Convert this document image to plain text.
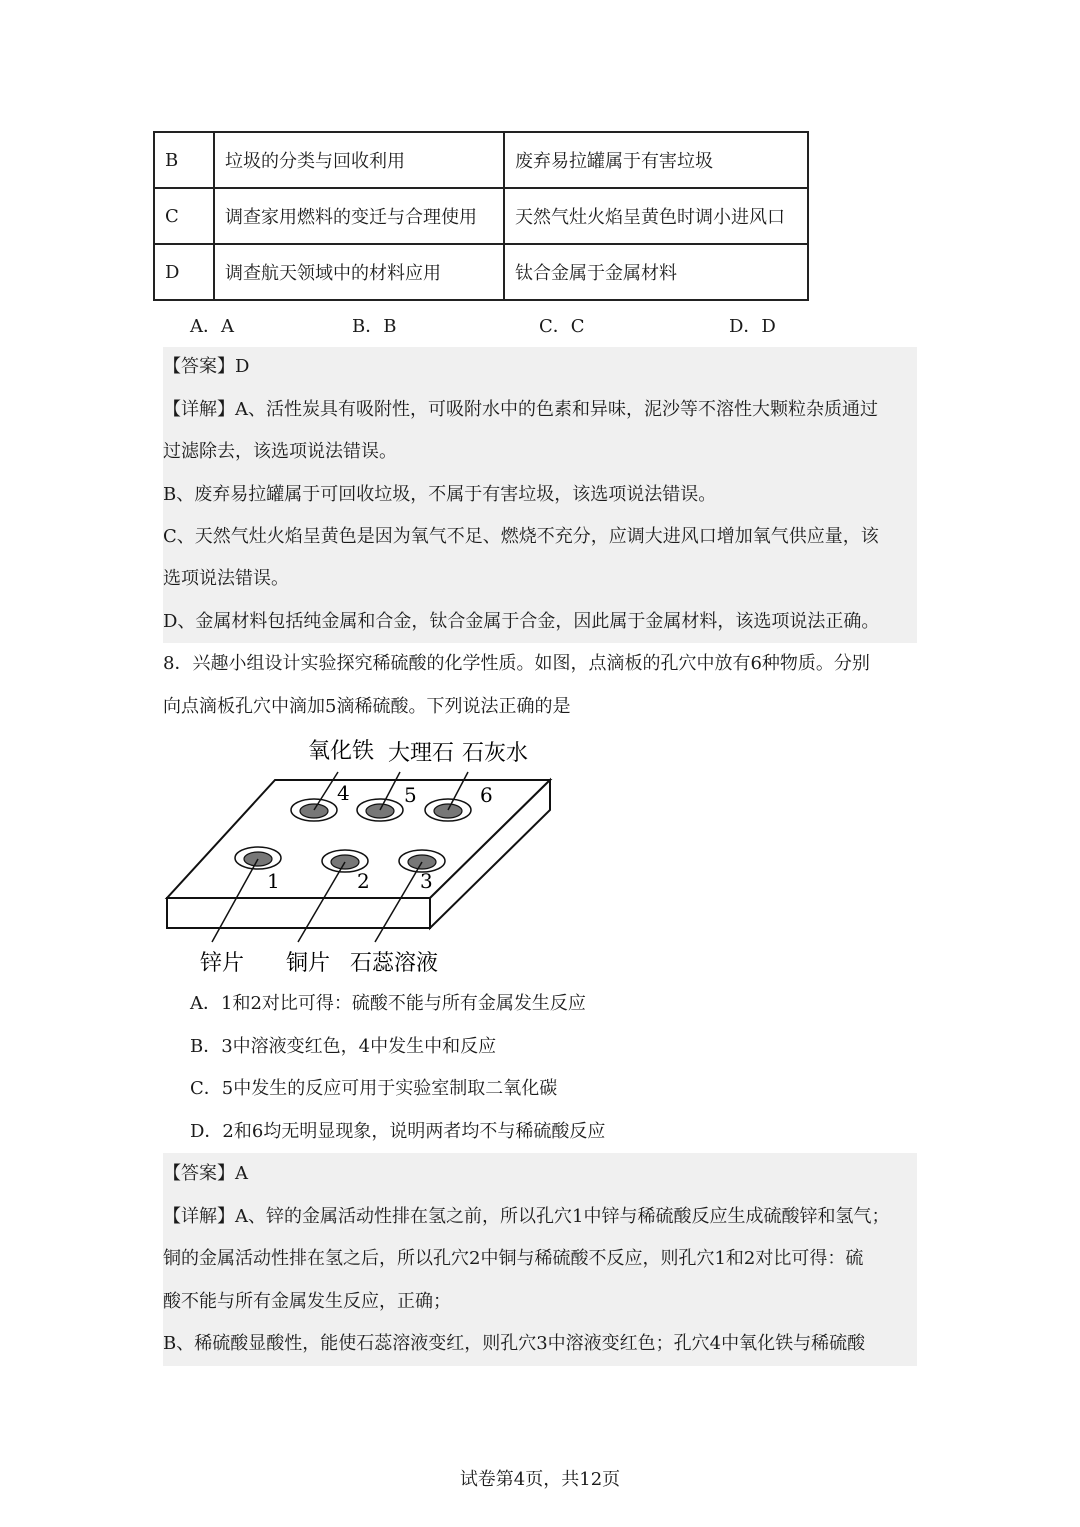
B	垃圾的分类与回收利用	废弃易拉罐属于有害垃圾
C	调查家用燃料的变迁与合理使用	天然气灶火焰呈黄色时调小进风口
D	调查航天领域中的材料应用	钛合金属于金属材料
A．A	B．B	C．C	D．D
【答案】D
【详解】A、活性炭具有吸附性，可吸附水中的色素和异味，泥沙等不溶性大颗粒杂质通过
过滤除去，该选项说法错误。
B、废弃易拉罐属于可回收垃圾，不属于有害垃圾，该选项说法错误。
C、天然气灶火焰呈黄色是因为氧气不足、燃烧不充分，应调大进风口增加氧气供应量，该
选项说法错误。
D、金属材料包括纯金属和合金，钛合金属于合金，因此属于金属材料，该选项说法正确。
8．兴趣小组设计实验探究稀硫酸的化学性质。如图，点滴板的孔穴中放有6种物质。分别
向点滴板孔穴中滴加5滴稀硫酸。下列说法正确的是
氧化铁 大理石 石灰水
1	2	3
4	5	6
锌片 铜片 石蕊溶液
A．1和2对比可得：硫酸不能与所有金属发生反应
B．3中溶液变红色，4中发生中和反应
C．5中发生的反应可用于实验室制取二氧化碳
D．2和6均无明显现象，说明两者均不与稀硫酸反应
【答案】A
【详解】A、锌的金属活动性排在氢之前，所以孔穴1中锌与稀硫酸反应生成硫酸锌和氢气；
铜的金属活动性排在氢之后，所以孔穴2中铜与稀硫酸不反应，则孔穴1和2对比可得：硫
酸不能与所有金属发生反应，正确；
B、稀硫酸显酸性，能使石蕊溶液变红，则孔穴3中溶液变红色；孔穴4中氧化铁与稀硫酸
试卷第4页，共12页
